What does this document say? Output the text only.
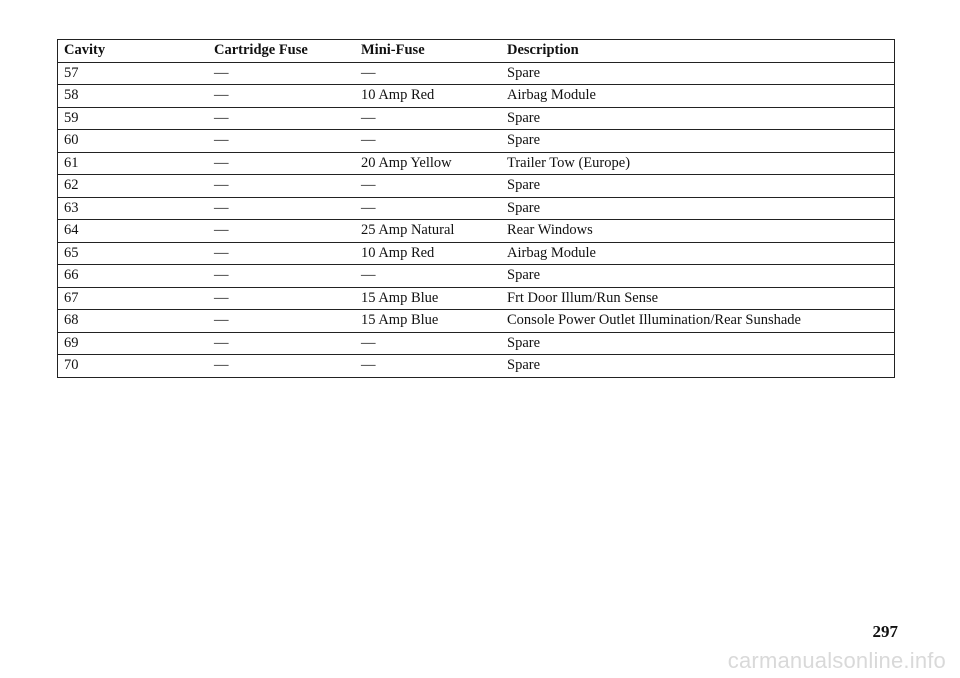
Cavity	Cartridge Fuse	Mini-Fuse	Description
57	—	—	Spare
58	—	10 Amp Red	Airbag Module
59	—	—	Spare
60	—	—	Spare
61	—	20 Amp Yellow	Trailer Tow (Europe)
62	—	—	Spare
63	—	—	Spare
64	—	25 Amp Natural	Rear Windows
65	—	10 Amp Red	Airbag Module
66	—	—	Spare
67	—	15 Amp Blue	Frt Door Illum/Run Sense
68	—	15 Amp Blue	Console Power Outlet Illumination/Rear Sunshade
69	—	—	Spare
70	—	—	Spare
297
carmanualsonline.info
